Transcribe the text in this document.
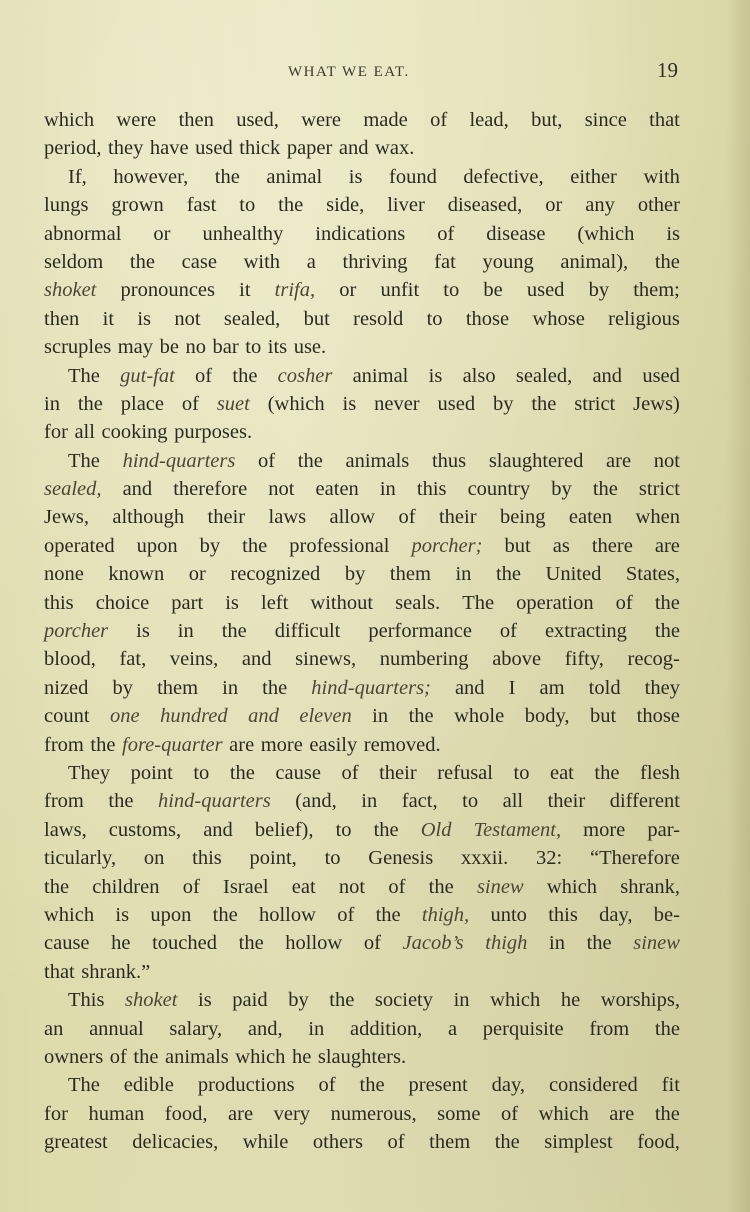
WHAT WE EAT.	19
which were then used, were made of lead, but, since that
period, they have used thick paper and wax.
If, however, the animal is found defective, either with
lungs grown fast to the side, liver diseased, or any other
abnormal or unhealthy indications of disease (which is
seldom the case with a thriving fat young animal), the
shoket pronounces it trifa, or unfit to be used by them;
then it is not sealed, but resold to those whose religious
scruples may be no bar to its use.
The gut-fat of the cosher animal is also sealed, and used
in the place of suet (which is never used by the strict Jews)
for all cooking purposes.
The hind-quarters of the animals thus slaughtered are not
sealed, and therefore not eaten in this country by the strict
Jews, although their laws allow of their being eaten when
operated upon by the professional porcher; but as there are
none known or recognized by them in the United States,
this choice part is left without seals. The operation of the
porcher is in the difficult performance of extracting the
blood, fat, veins, and sinews, numbering above fifty, recog-
nized by them in the hind-quarters; and I am told they
count one hundred and eleven in the whole body, but those
from the fore-quarter are more easily removed.
They point to the cause of their refusal to eat the flesh
from the hind-quarters (and, in fact, to all their different
laws, customs, and belief), to the Old Testament, more par-
ticularly, on this point, to Genesis xxxii. 32: “Therefore
the children of Israel eat not of the sinew which shrank,
which is upon the hollow of the thigh, unto this day, be-
cause he touched the hollow of Jacob’s thigh in the sinew
that shrank.”
This shoket is paid by the society in which he worships,
an annual salary, and, in addition, a perquisite from the
owners of the animals which he slaughters.
The edible productions of the present day, considered fit
for human food, are very numerous, some of which are the
greatest delicacies, while others of them the simplest food,
